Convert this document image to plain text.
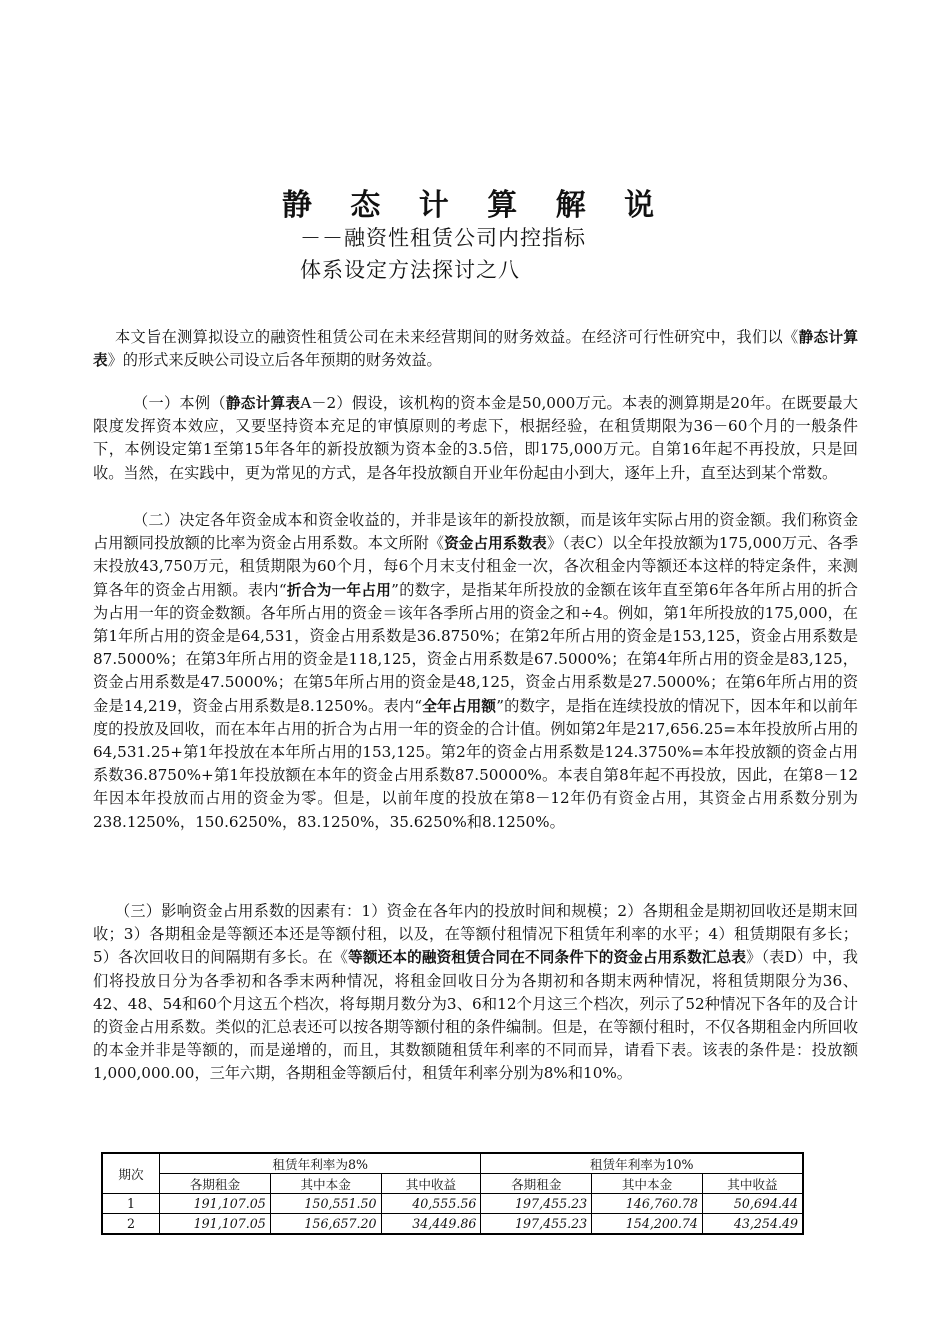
静 态 计 算 解 说
－－融资性租赁公司内控指标
体系设定方法探讨之八

本文旨在测算拟设立的融资性租赁公司在未来经营期间的财务效益。在经济可行性研究中，我们以《静态计算表》的形式来反映公司设立后各年预期的财务效益。

（一）本例（静态计算表A－2）假设，该机构的资本金是50,000万元。本表的测算期是20年。在既要最大限度发挥资本效应，又要坚持资本充足的审慎原则的考虑下，根据经验，在租赁期限为36－60个月的一般条件下，本例设定第1至第15年各年的新投放额为资本金的3.5倍，即175,000万元。自第16年起不再投放，只是回收。当然，在实践中，更为常见的方式，是各年投放额自开业年份起由小到大，逐年上升，直至达到某个常数。

（二）决定各年资金成本和资金收益的，并非是该年的新投放额，而是该年实际占用的资金额。我们称资金占用额同投放额的比率为资金占用系数。本文所附《资金占用系数表》（表C）以全年投放额为175,000万元、各季末投放43,750万元，租赁期限为60个月，每6个月末支付租金一次，各次租金内等额还本这样的特定条件，来测算各年的资金占用额。表内“折合为一年占用”的数字，是指某年所投放的金额在该年直至第6年各年所占用的折合为占用一年的资金数额。各年所占用的资金＝该年各季所占用的资金之和÷4。例如，第1年所投放的175,000，在第1年所占用的资金是64,531，资金占用系数是36.8750%；在第2年所占用的资金是153,125，资金占用系数是87.5000%；在第3年所占用的资金是118,125，资金占用系数是67.5000%；在第4年所占用的资金是83,125，资金占用系数是47.5000%；在第5年所占用的资金是48,125，资金占用系数是27.5000%；在第6年所占用的资金是14,219，资金占用系数是8.1250%。表内“全年占用额”的数字，是指在连续投放的情况下，因本年和以前年度的投放及回收，而在本年占用的折合为占用一年的资金的合计值。例如第2年是217,656.25=本年投放所占用的64,531.25+第1年投放在本年所占用的153,125。第2年的资金占用系数是124.3750%=本年投放额的资金占用系数36.8750%+第1年投放额在本年的资金占用系数87.50000%。本表自第8年起不再投放，因此，在第8－12年因本年投放而占用的资金为零。但是，以前年度的投放在第8－12年仍有资金占用，其资金占用系数分别为238.1250%，150.6250%，83.1250%，35.6250%和8.1250%。

（三）影响资金占用系数的因素有：1）资金在各年内的投放时间和规模；2）各期租金是期初回收还是期末回收；3）各期租金是等额还本还是等额付租，以及，在等额付租情况下租赁年利率的水平；4）租赁期限有多长；5）各次回收日的间隔期有多长。在《等额还本的融资租赁合同在不同条件下的资金占用系数汇总表》（表D）中，我们将投放日分为各季初和各季末两种情况，将租金回收日分为各期初和各期末两种情况，将租赁期限分为36、42、48、54和60个月这五个档次，将每期月数分为3、6和12个月这三个档次，列示了52种情况下各年的及合计的资金占用系数。类似的汇总表还可以按各期等额付租的条件编制。但是，在等额付租时，不仅各期租金内所回收的本金并非是等额的，而是递增的，而且，其数额随租赁年利率的不同而异，请看下表。该表的条件是：投放额1,000,000.00，三年六期，各期租金等额后付，租赁年利率分别为8%和10%。

期次	租赁年利率为8%			租赁年利率为10%		
	各期租金	其中本金	其中收益	各期租金	其中本金	其中收益
1	191,107.05	150,551.50	40,555.56	197,455.23	146,760.78	50,694.44
2	191,107.05	156,657.20	34,449.86	197,455.23	154,200.74	43,254.49
